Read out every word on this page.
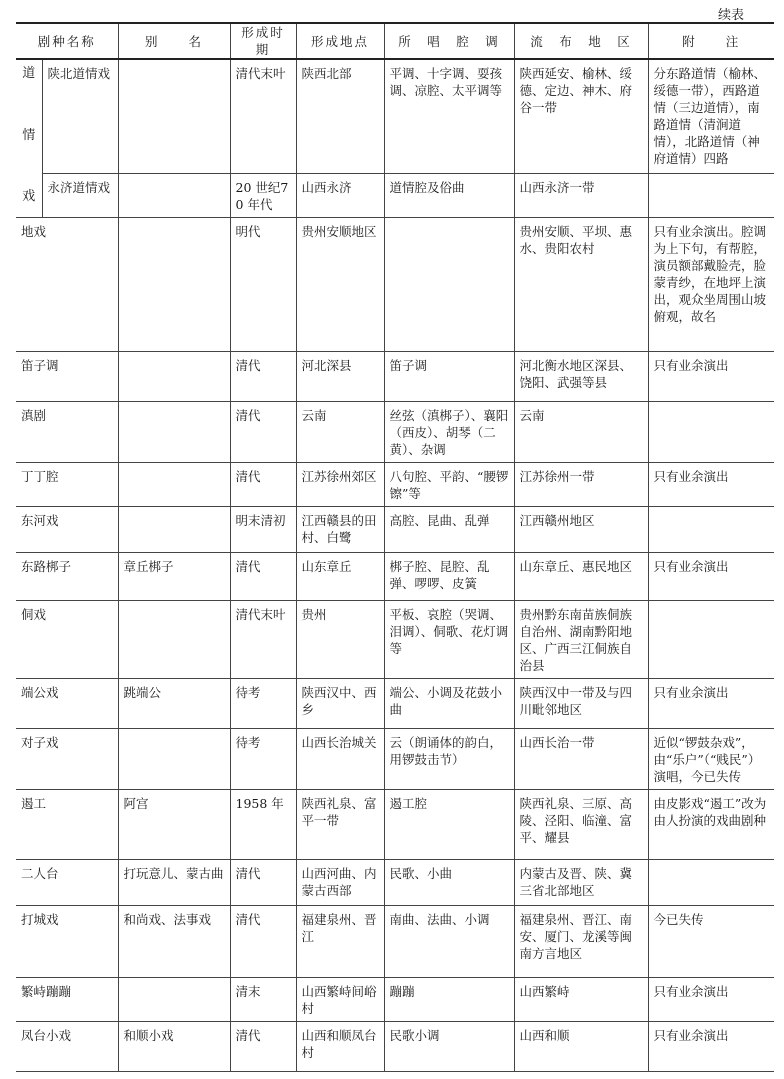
续表
剧种名称		别　　名	形成时期	形成地点	所　唱　腔　调	流　布　地　区	附　　注

道
情
戏	陕北道情戏		清代末叶	陕西北部	平调、十字调、耍孩调、凉腔、太平调等	陕西延安、榆林、绥德、定边、神木、府谷一带	分东路道情（榆林、绥德一带），西路道情（三边道情），南路道情（清涧道情），北路道情（神府道情）四路
	永济道情戏		20 世纪70 年代	山西永济	道情腔及俗曲	山西永济一带	
地戏			明代	贵州安顺地区		贵州安顺、平坝、惠水、贵阳农村	只有业余演出。腔调为上下句，有帮腔，演员额部戴脸壳，脸蒙青纱，在地坪上演出，观众坐周围山坡俯观，故名
笛子调			清代	河北深县	笛子调	河北衡水地区深县、饶阳、武强等县	只有业余演出
滇剧			清代	云南	丝弦（滇梆子）、襄阳（西皮）、胡琴（二黄）、杂调	云南	
丁丁腔			清代	江苏徐州郊区	八句腔、平韵、“腰锣镲”等	江苏徐州一带	只有业余演出
东河戏			明末清初	江西赣县的田村、白鹭	高腔、昆曲、乱弹	江西赣州地区	
东路梆子		章丘梆子	清代	山东章丘	梆子腔、昆腔、乱弹、啰啰、皮簧	山东章丘、惠民地区	只有业余演出
侗戏			清代末叶	贵州	平板、哀腔（哭调、泪调）、侗歌、花灯调等	贵州黔东南苗族侗族自治州、湖南黔阳地区、广西三江侗族自治县	
端公戏		跳端公	待考	陕西汉中、西乡	端公、小调及花鼓小曲	陕西汉中一带及与四川毗邻地区	只有业余演出
对子戏			待考	山西长治城关	云（朗诵体的韵白，用锣鼓击节）	山西长治一带	近似“锣鼓杂戏”，由“乐户”（“贱民”）演唱，今已失传
遏工		阿宫	1958 年	陕西礼泉、富平一带	遏工腔	陕西礼泉、三原、高陵、泾阳、临潼、富平、耀县	由皮影戏“遏工”改为由人扮演的戏曲剧种
二人台		打玩意儿、蒙古曲	清代	山西河曲、内蒙古西部	民歌、小曲	内蒙古及晋、陕、冀三省北部地区	
打城戏		和尚戏、法事戏	清代	福建泉州、晋江	南曲、法曲、小调	福建泉州、晋江、南安、厦门、龙溪等闽南方言地区	今已失传
繁峙蹦蹦			清末	山西繁峙间峪村	蹦蹦	山西繁峙	只有业余演出
凤台小戏		和顺小戏	清代	山西和顺凤台村	民歌小调	山西和顺	只有业余演出
